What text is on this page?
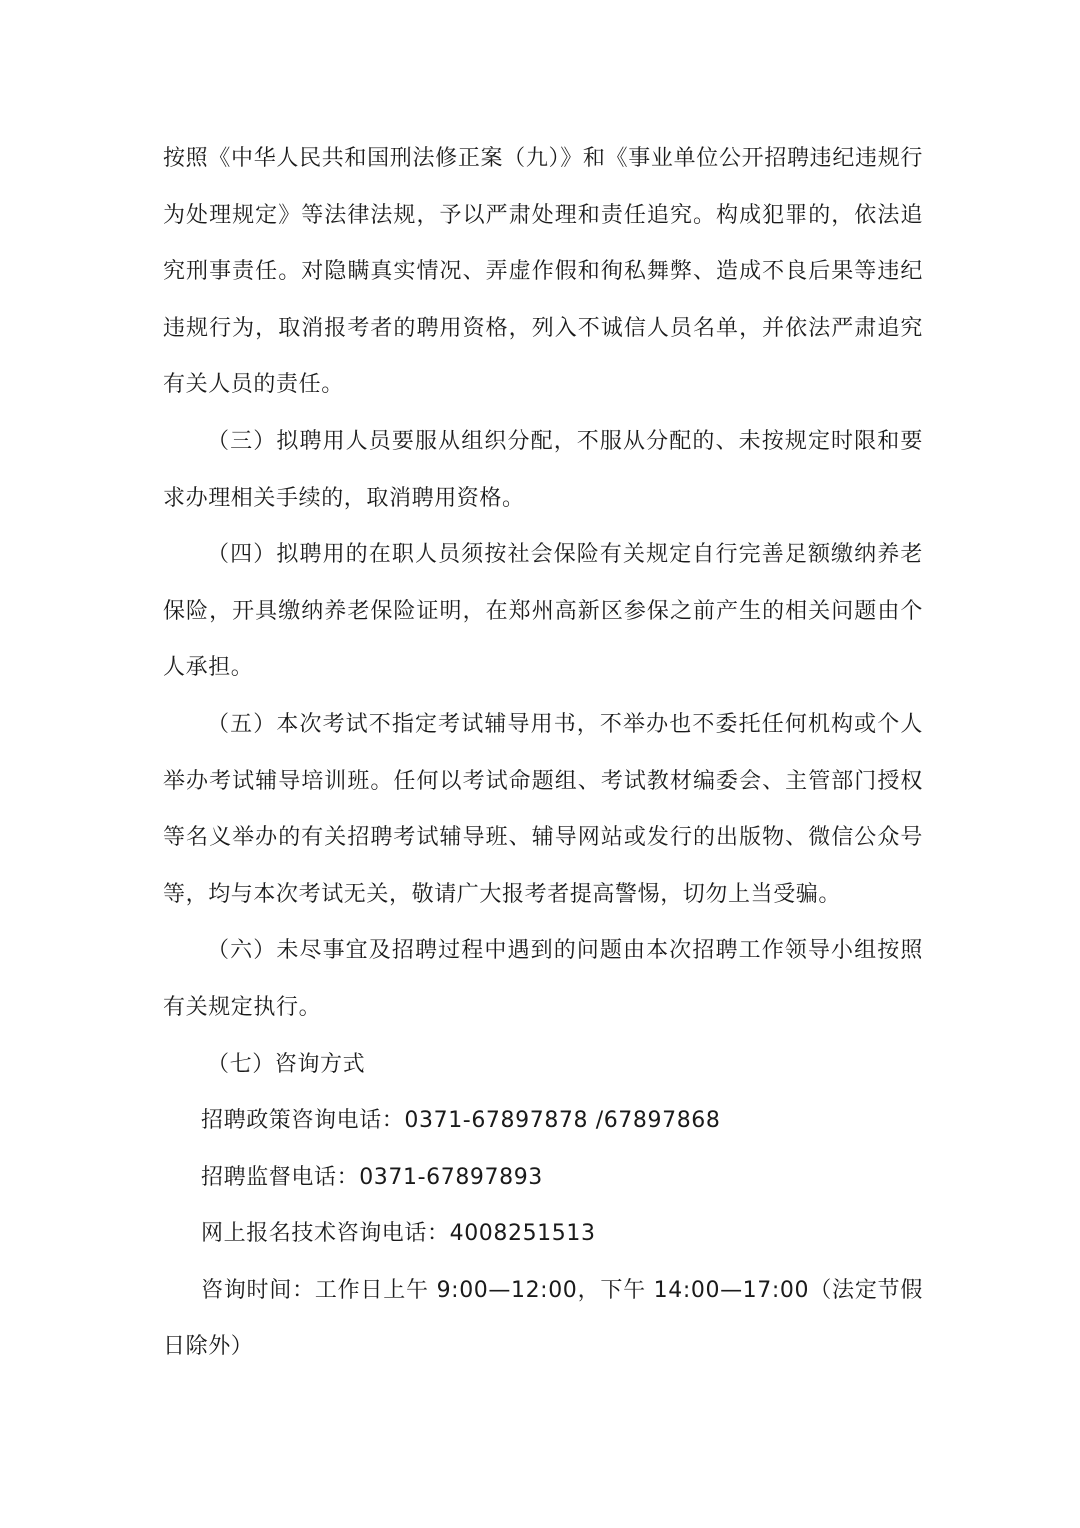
按照《中华人民共和国刑法修正案（九）》和《事业单位公开招聘违纪违规行为处理规定》等法律法规，予以严肃处理和责任追究。构成犯罪的，依法追究刑事责任。对隐瞒真实情况、弄虚作假和徇私舞弊、造成不良后果等违纪违规行为，取消报考者的聘用资格，列入不诚信人员名单，并依法严肃追究有关人员的责任。

（三）拟聘用人员要服从组织分配，不服从分配的、未按规定时限和要求办理相关手续的，取消聘用资格。

（四）拟聘用的在职人员须按社会保险有关规定自行完善足额缴纳养老保险，开具缴纳养老保险证明，在郑州高新区参保之前产生的相关问题由个人承担。

（五）本次考试不指定考试辅导用书，不举办也不委托任何机构或个人举办考试辅导培训班。任何以考试命题组、考试教材编委会、主管部门授权等名义举办的有关招聘考试辅导班、辅导网站或发行的出版物、微信公众号等，均与本次考试无关，敬请广大报考者提高警惕，切勿上当受骗。

（六）未尽事宜及招聘过程中遇到的问题由本次招聘工作领导小组按照有关规定执行。

（七）咨询方式

招聘政策咨询电话：0371-67897878 /67897868

招聘监督电话：0371-67897893

网上报名技术咨询电话：4008251513

咨询时间：工作日上午 9:00—12:00，下午 14:00—17:00（法定节假日除外）
